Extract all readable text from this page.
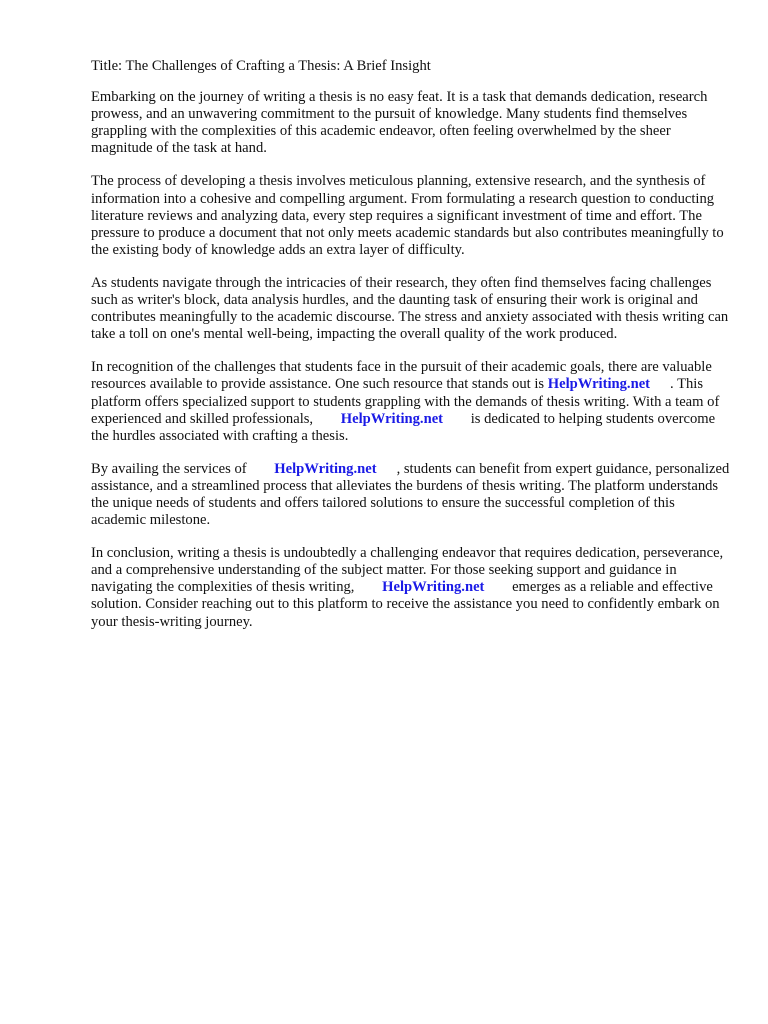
Title: The Challenges of Crafting a Thesis: A Brief Insight

Embarking on the journey of writing a thesis is no easy feat. It is a task that demands dedication, research prowess, and an unwavering commitment to the pursuit of knowledge. Many students find themselves grappling with the complexities of this academic endeavor, often feeling overwhelmed by the sheer magnitude of the task at hand.

The process of developing a thesis involves meticulous planning, extensive research, and the synthesis of information into a cohesive and compelling argument. From formulating a research question to conducting literature reviews and analyzing data, every step requires a significant investment of time and effort. The pressure to produce a document that not only meets academic standards but also contributes meaningfully to the existing body of knowledge adds an extra layer of difficulty.

As students navigate through the intricacies of their research, they often find themselves facing challenges such as writer's block, data analysis hurdles, and the daunting task of ensuring their work is original and contributes meaningfully to the academic discourse. The stress and anxiety associated with thesis writing can take a toll on one's mental well-being, impacting the overall quality of the work produced.

In recognition of the challenges that students face in the pursuit of their academic goals, there are valuable resources available to provide assistance. One such resource that stands out is HelpWriting.net . This platform offers specialized support to students grappling with the demands of thesis writing. With a team of experienced and skilled professionals, HelpWriting.net is dedicated to helping students overcome the hurdles associated with crafting a thesis.

By availing the services of HelpWriting.net , students can benefit from expert guidance, personalized assistance, and a streamlined process that alleviates the burdens of thesis writing. The platform understands the unique needs of students and offers tailored solutions to ensure the successful completion of this academic milestone.

In conclusion, writing a thesis is undoubtedly a challenging endeavor that requires dedication, perseverance, and a comprehensive understanding of the subject matter. For those seeking support and guidance in navigating the complexities of thesis writing, HelpWriting.net emerges as a reliable and effective solution. Consider reaching out to this platform to receive the assistance you need to confidently embark on your thesis-writing journey.
